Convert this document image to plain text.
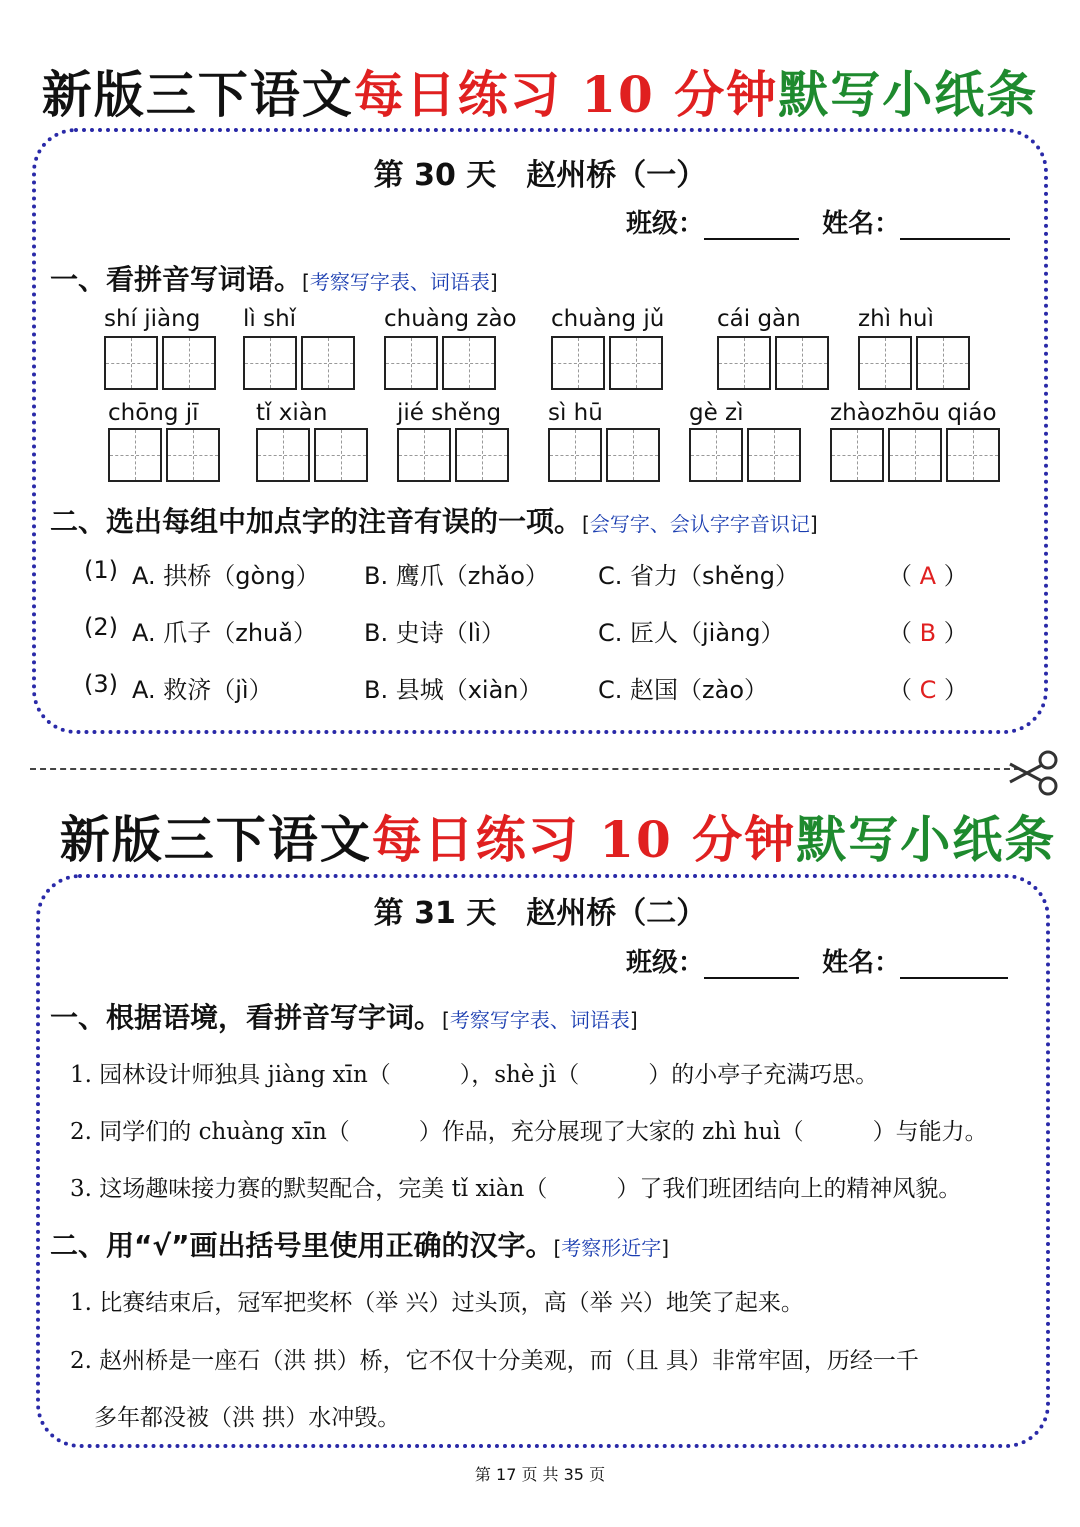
新版三下语文每日练习 10 分钟默写小纸条
第 30 天　赵州桥（一）
班级：	姓名：
一、看拼音写词语。[考察写字表、词语表]
shí jiàng lì shǐ	chuàng zào chuàng jǔ cái gàn zhì huì
chōng jī tǐ xiàn	jié shěng sì hū	gè zì	zhàozhōu qiáo
二、选出每组中加点字的注音有误的一项。[会写字、会认字字音识记]
(1) A. 拱桥（gòng） B. 鹰爪（zhǎo） C. 省力（shěng）	（ A ）
(2) A. 爪子（zhuǎ） B. 史诗（lì）	C. 匠人（jiàng）	（ B ）
(3) A. 救济（jì）	B. 县城（xiàn） C. 赵国（zào）	（ C ）
新版三下语文每日练习 10 分钟默写小纸条
第 31 天　赵州桥（二）
班级：	姓名：
一、根据语境，看拼音写字词。[考察写字表、词语表]
1. 园林设计师独具 jiàng xīn（　　　），shè jì（　　　）的小亭子充满巧思。
2. 同学们的 chuàng xīn（　　　）作品，充分展现了大家的 zhì huì（　　　）与能力。
3. 这场趣味接力赛的默契配合，完美 tǐ xiàn（　　　）了我们班团结向上的精神风貌。
二、用“√”画出括号里使用正确的汉字。[考察形近字]
1. 比赛结束后，冠军把奖杯（举 兴）过头顶，高（举 兴）地笑了起来。
2. 赵州桥是一座石（洪 拱）桥，它不仅十分美观，而（且 具）非常牢固，历经一千
多年都没被（洪 拱）水冲毁。
第 17 页 共 35 页
